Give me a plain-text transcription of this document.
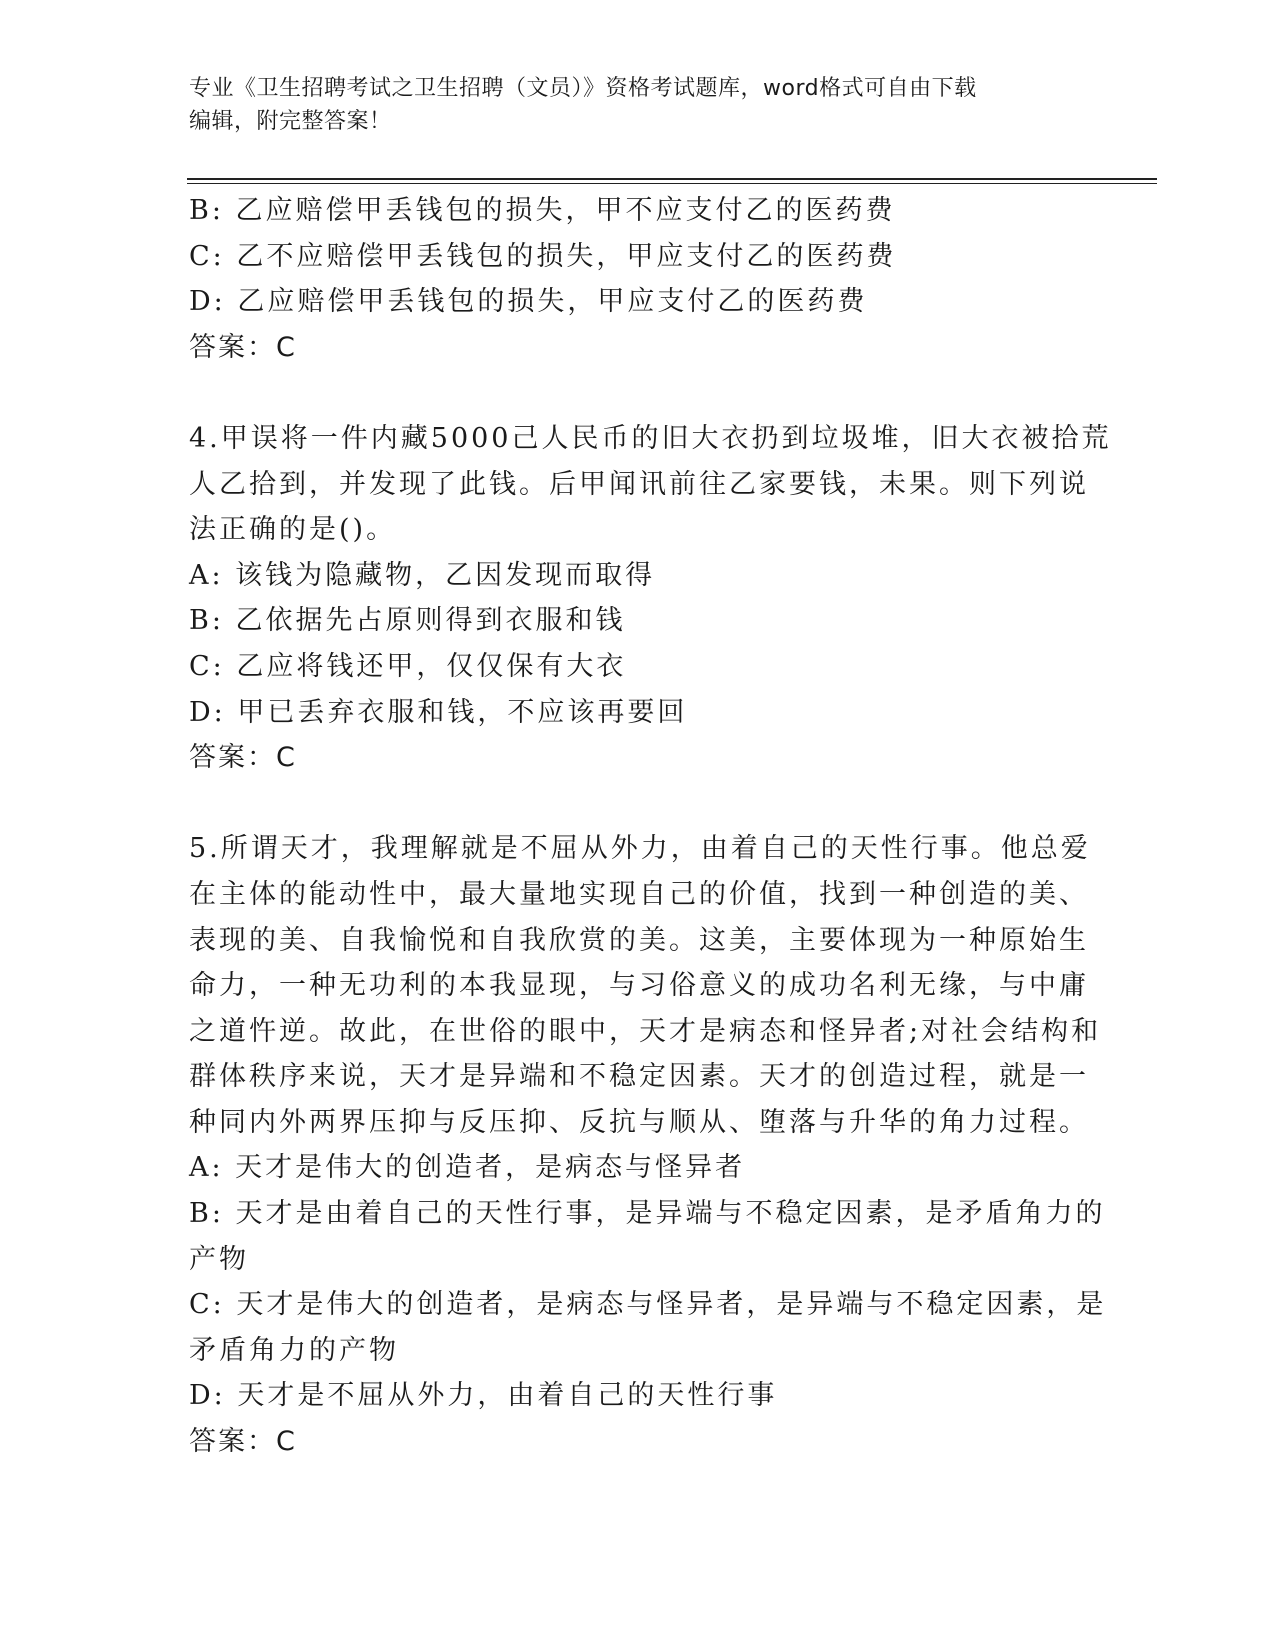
专业《卫生招聘考试之卫生招聘（文员）》资格考试题库，word格式可自由下载
编辑，附完整答案！
B: 乙应赔偿甲丢钱包的损失，甲不应支付乙的医药费
C: 乙不应赔偿甲丢钱包的损失，甲应支付乙的医药费
D: 乙应赔偿甲丢钱包的损失，甲应支付乙的医药费
答案：C
4.甲误将一件内藏5000己人民币的旧大衣扔到垃圾堆，旧大衣被拾荒
人乙拾到，并发现了此钱。后甲闻讯前往乙家要钱，未果。则下列说
法正确的是()。
A: 该钱为隐藏物，乙因发现而取得
B: 乙依据先占原则得到衣服和钱
C: 乙应将钱还甲，仅仅保有大衣
D: 甲已丢弃衣服和钱，不应该再要回
答案：C
5.所谓天才，我理解就是不屈从外力，由着自己的天性行事。他总爱
在主体的能动性中，最大量地实现自己的价值，找到一种创造的美、
表现的美、自我愉悦和自我欣赏的美。这美，主要体现为一种原始生
命力，一种无功利的本我显现，与习俗意义的成功名利无缘，与中庸
之道忤逆。故此，在世俗的眼中，天才是病态和怪异者;对社会结构和
群体秩序来说，天才是异端和不稳定因素。天才的创造过程，就是一
种同内外两界压抑与反压抑、反抗与顺从、堕落与升华的角力过程。
A: 天才是伟大的创造者，是病态与怪异者
B: 天才是由着自己的天性行事，是异端与不稳定因素，是矛盾角力的
产物
C: 天才是伟大的创造者，是病态与怪异者，是异端与不稳定因素，是
矛盾角力的产物
D: 天才是不屈从外力，由着自己的天性行事
答案：C
